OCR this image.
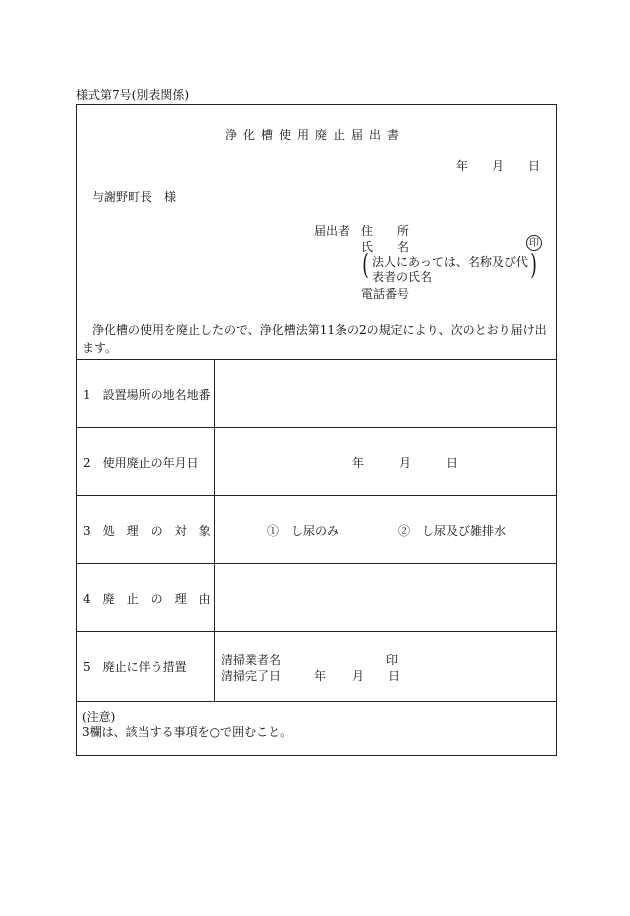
様式第7号(別表関係)
浄化槽使用廃止届出書
年 月 日
与謝野町長　様
届出者 住　　所
氏　　名	印
( 法人にあっては、名称及び代
表者の氏名	)
電話番号
浄化槽の使用を廃止したので、浄化槽法第11条の2の規定により、次のとおり届け出ます。
1　設置場所の地名地番
2　使用廃止の年月日	年	月	日
3　処　理　の　対　象	①　し尿のみ	②　し尿及び雑排水
4　廃　止　の　理　由
5　廃止に伴う措置	清掃業者名	印
清掃完了日	年 月 日
(注意)
3欄は、該当する事項を○で囲むこと。
